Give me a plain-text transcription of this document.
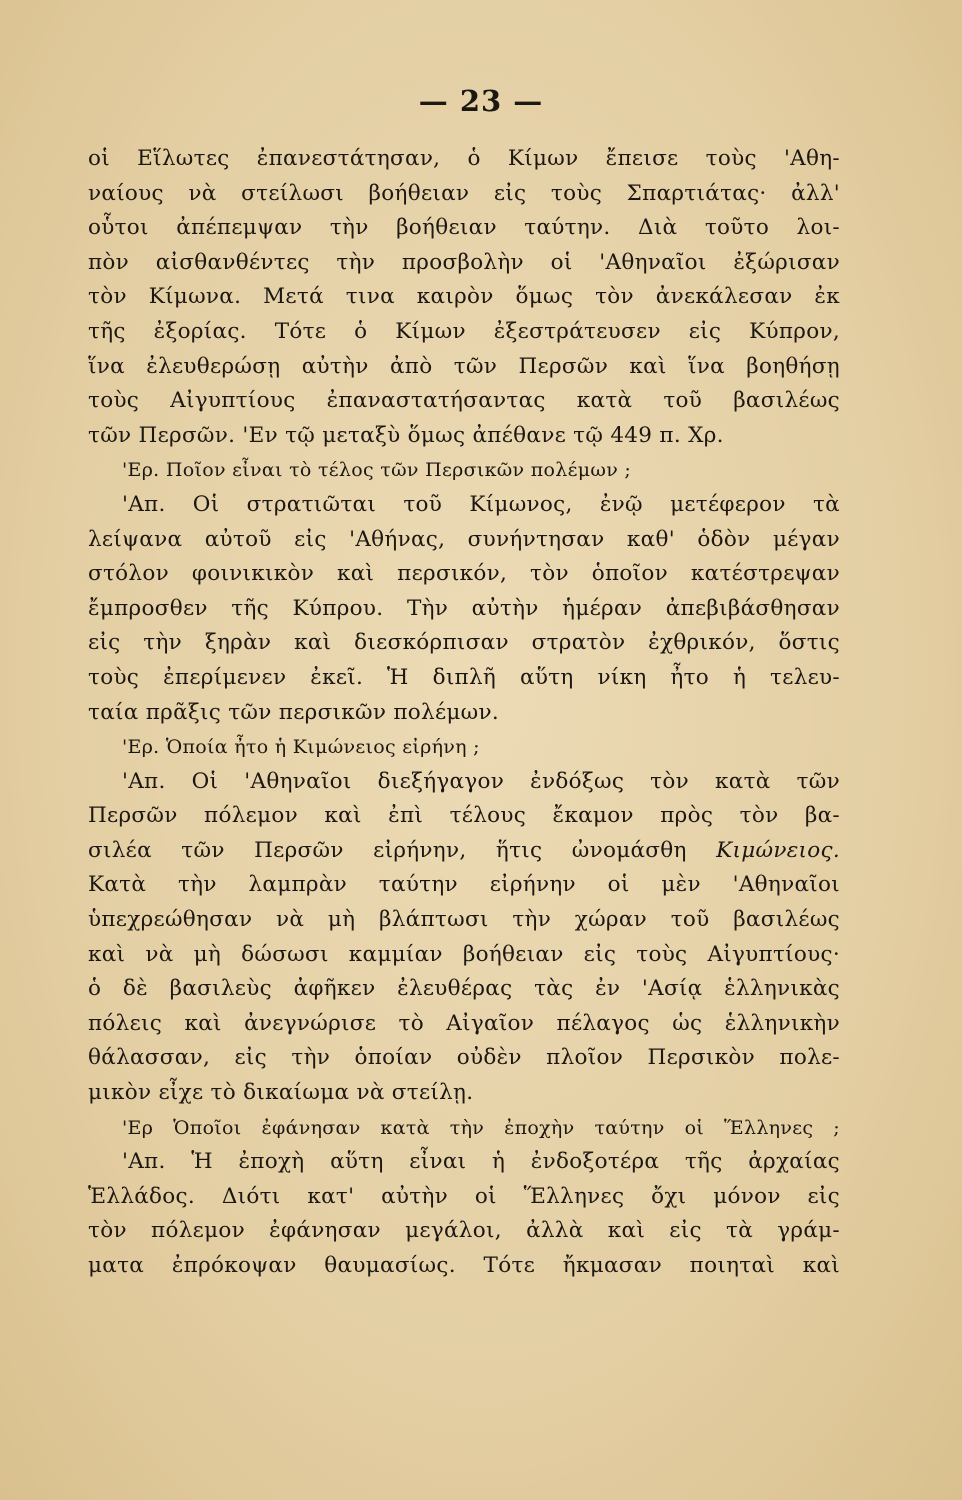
— 23 —
οἱ Εἵλωτες ἐπανεστάτησαν, ὁ Κίμων ἔπεισε τοὺς 'Αθη-
ναίους νὰ στείλωσι βοήθειαν εἰς τοὺς Σπαρτιάτας· ἀλλ'
οὗτοι ἀπέπεμψαν τὴν βοήθειαν ταύτην. Διὰ τοῦτο λοι-
πὸν αἰσθανθέντες τὴν προσβολὴν οἱ 'Αθηναῖοι ἐξώρισαν
τὸν Κίμωνα. Μετά τινα καιρὸν ὅμως τὸν ἀνεκάλεσαν ἐκ
τῆς ἐξορίας. Τότε ὁ Κίμων ἐξεστράτευσεν εἰς Κύπρον,
ἵνα ἐλευθερώσῃ αὐτὴν ἀπὸ τῶν Περσῶν καὶ ἵνα βοηθήσῃ
τοὺς Αἰγυπτίους ἐπαναστατήσαντας κατὰ τοῦ βασιλέως
τῶν Περσῶν. 'Εν τῷ μεταξὺ ὅμως ἀπέθανε τῷ 449 π. Χρ.
'Ερ. Ποῖον εἶναι τὸ τέλος τῶν Περσικῶν πολέμων ;
'Απ. Οἱ στρατιῶται τοῦ Κίμωνος, ἐνῷ μετέφερον τὰ
λείψανα αὐτοῦ εἰς 'Αθήνας, συνήντησαν καθ' ὁδὸν μέγαν
στόλον φοινικικὸν καὶ περσικόν, τὸν ὁποῖον κατέστρεψαν
ἔμπροσθεν τῆς Κύπρου. Τὴν αὐτὴν ἡμέραν ἀπεβιβάσθησαν
εἰς τὴν ξηρὰν καὶ διεσκόρπισαν στρατὸν ἐχθρικόν, ὅστις
τοὺς ἐπερίμενεν ἐκεῖ. Ἡ διπλῆ αὕτη νίκη ἦτο ἡ τελευ-
ταία πρᾶξις τῶν περσικῶν πολέμων.
'Ερ. Ὁποία ἦτο ἡ Κιμώνειος εἰρήνη ;
'Απ. Οἱ 'Αθηναῖοι διεξήγαγον ἐνδόξως τὸν κατὰ τῶν
Περσῶν πόλεμον καὶ ἐπὶ τέλους ἔκαμον πρὸς τὸν βα-
σιλέα τῶν Περσῶν εἰρήνην, ἥτις ὠνομάσθη Κιμώνειος.
Κατὰ τὴν λαμπρὰν ταύτην εἰρήνην οἱ μὲν 'Αθηναῖοι
ὑπεχρεώθησαν νὰ μὴ βλάπτωσι τὴν χώραν τοῦ βασιλέως
καὶ νὰ μὴ δώσωσι καμμίαν βοήθειαν εἰς τοὺς Αἰγυπτίους·
ὁ δὲ βασιλεὺς ἀφῆκεν ἐλευθέρας τὰς ἐν 'Ασίᾳ ἑλληνικὰς
πόλεις καὶ ἀνεγνώρισε τὸ Αἰγαῖον πέλαγος ὡς ἑλληνικὴν
θάλασσαν, εἰς τὴν ὁποίαν οὐδὲν πλοῖον Περσικὸν πολε-
μικὸν εἶχε τὸ δικαίωμα νὰ στείλῃ.
'Ερ Ὁποῖοι ἐφάνησαν κατὰ τὴν ἐποχὴν ταύτην οἱ Ἕλληνες ;
'Απ. Ἡ ἐποχὴ αὕτη εἶναι ἡ ἐνδοξοτέρα τῆς ἀρχαίας
Ἑλλάδος. Διότι κατ' αὐτὴν οἱ Ἕλληνες ὄχι μόνον εἰς
τὸν πόλεμον ἐφάνησαν μεγάλοι, ἀλλὰ καὶ εἰς τὰ γράμ-
ματα ἐπρόκοψαν θαυμασίως. Τότε ἤκμασαν ποιηταὶ καὶ
